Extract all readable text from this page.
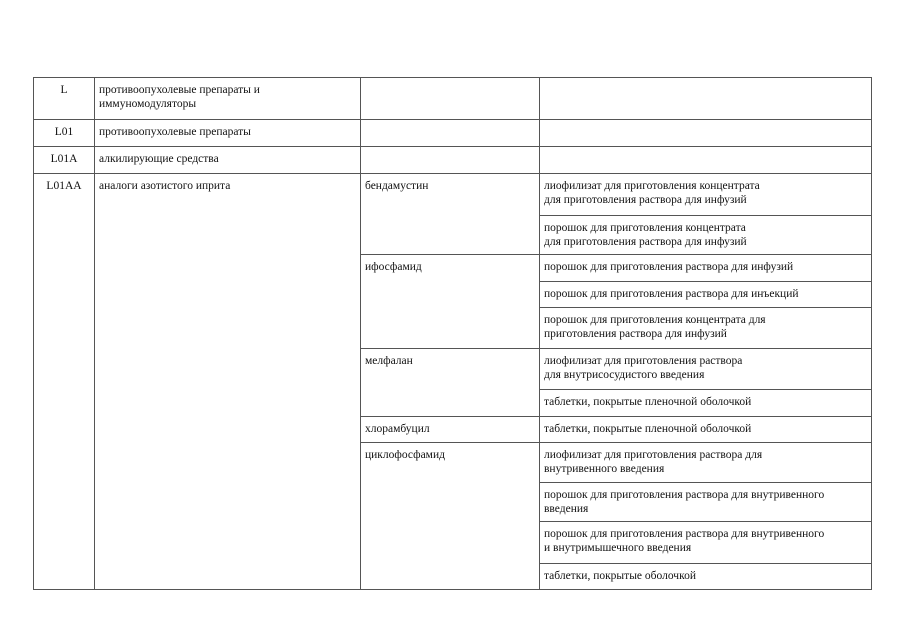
L	противоопухолевые препараты и
иммуномодуляторы		

L01	противоопухолевые препараты		

L01A	алкилирующие средства		

L01AA	аналоги азотистого иприта	бендамустин	лиофилизат для приготовления концентрата
для приготовления раствора для инфузий

			порошок для приготовления концентрата
для приготовления раствора для инфузий

		ифосфамид	порошок для приготовления раствора для инфузий

			порошок для приготовления раствора для инъекций

			порошок для приготовления концентрата для
приготовления раствора для инфузий

		мелфалан	лиофилизат для приготовления раствора
для внутрисосудистого введения

			таблетки, покрытые пленочной оболочкой

		хлорамбуцил	таблетки, покрытые пленочной оболочкой

		циклофосфамид	лиофилизат для приготовления раствора для
внутривенного введения

			порошок для приготовления раствора для внутривенного
введения

			порошок для приготовления раствора для внутривенного
и внутримышечного введения

			таблетки, покрытые оболочкой
